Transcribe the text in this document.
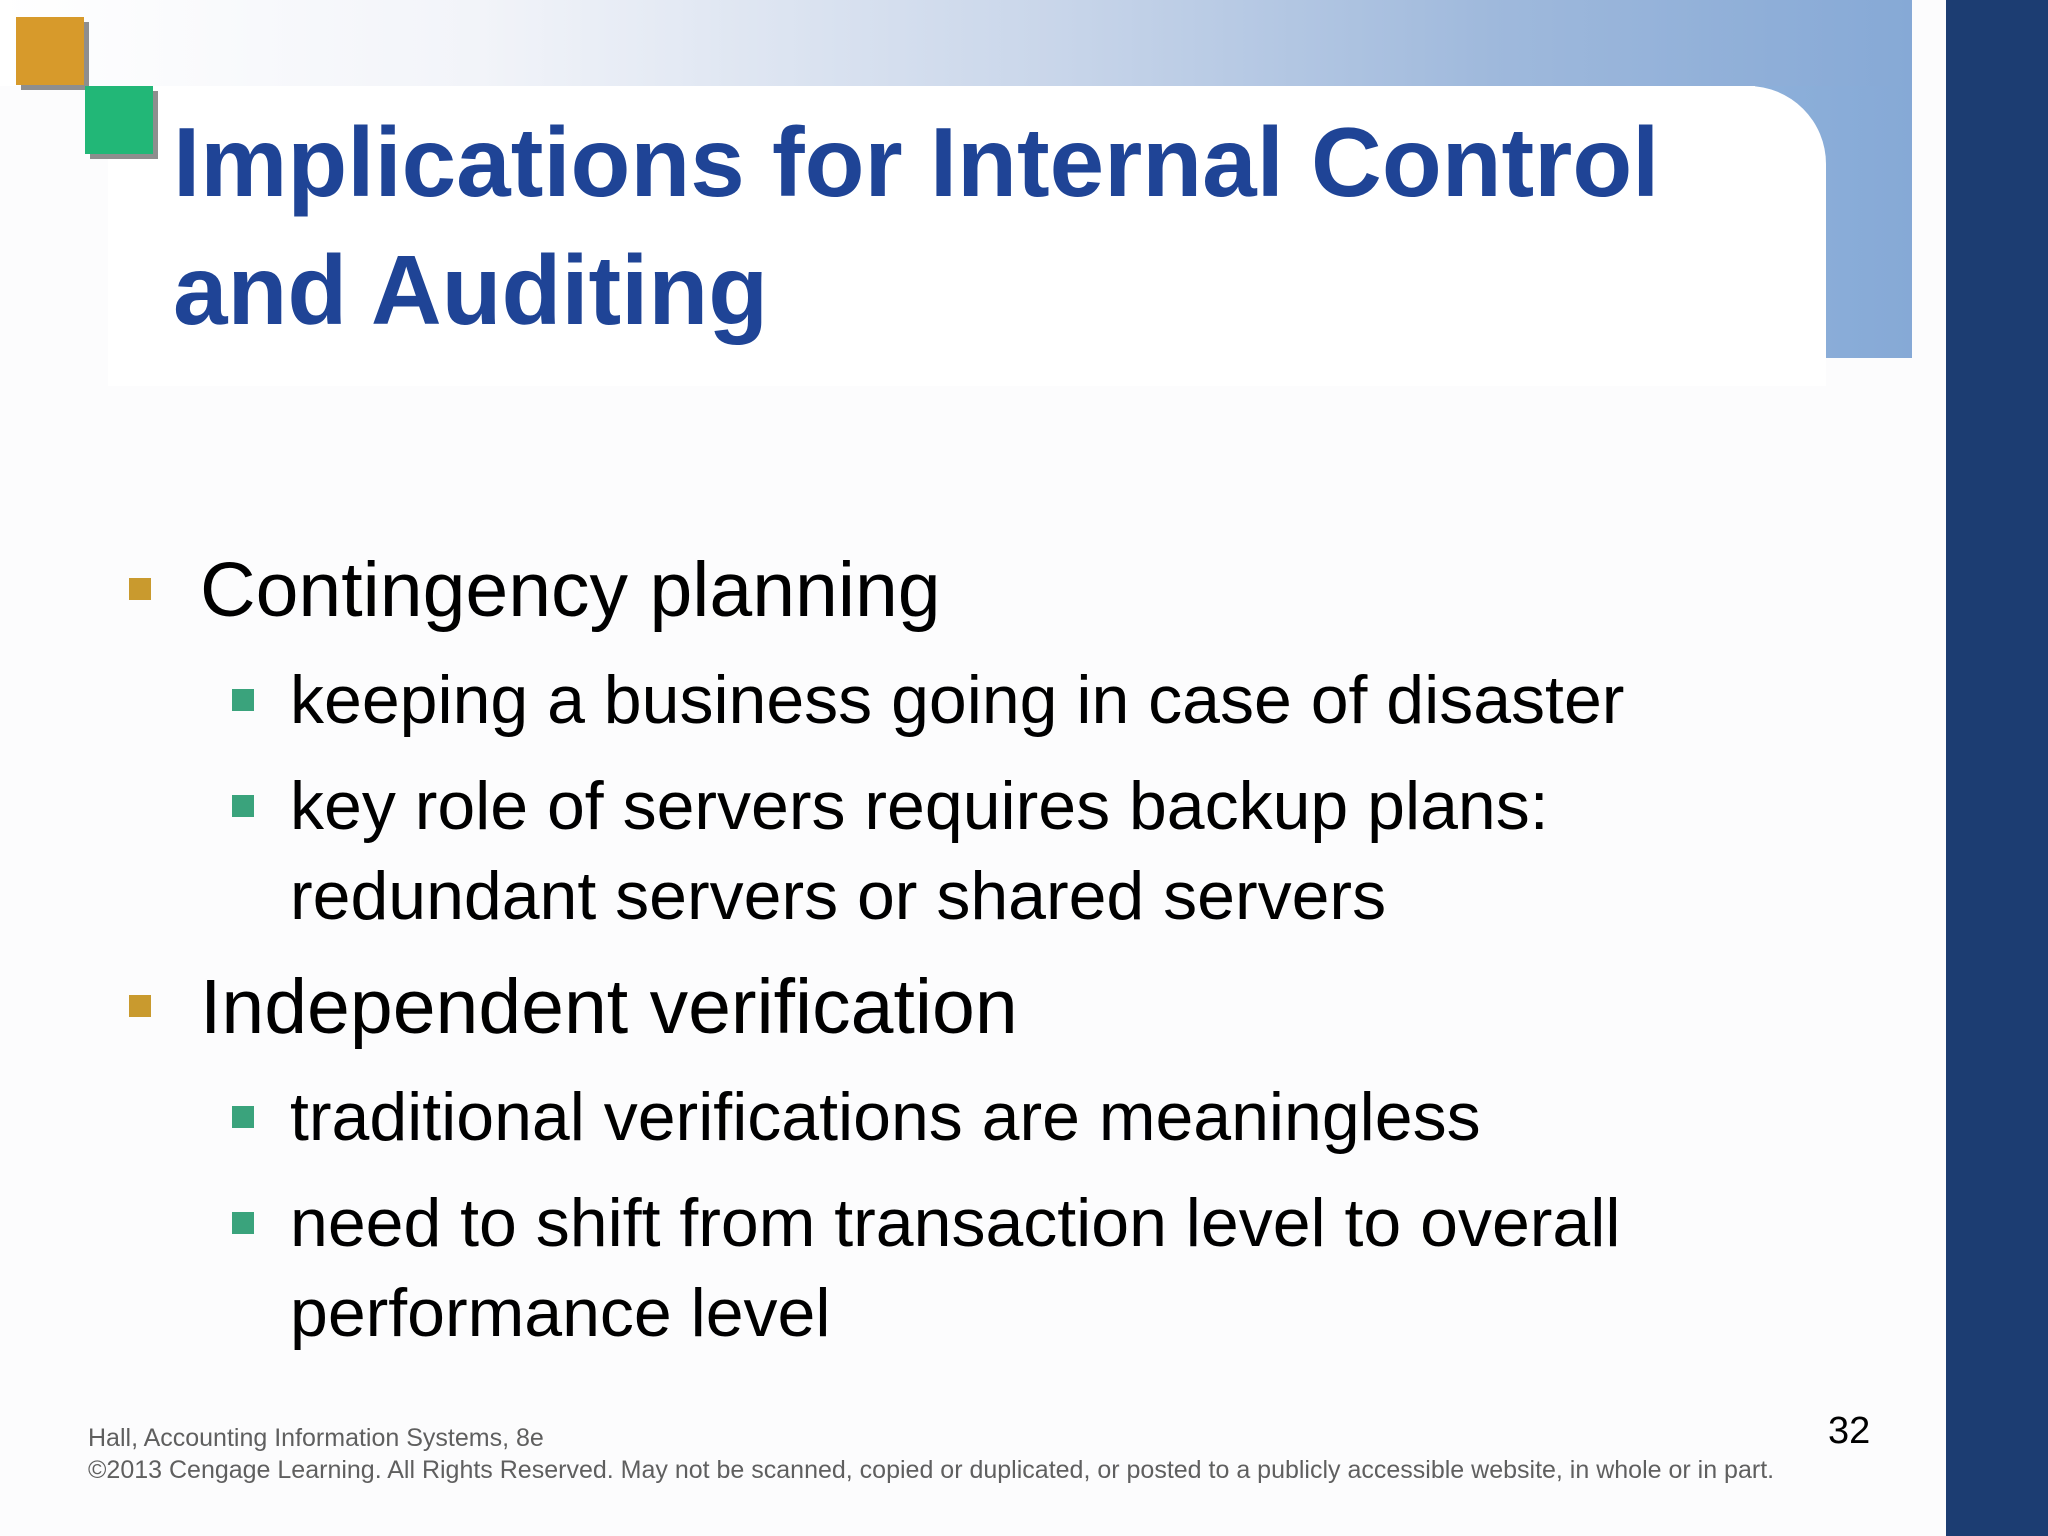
Implications for Internal Control and Auditing

Contingency planning

keeping a business going in case of disaster

key role of servers requires backup plans: redundant servers or shared servers

Independent verification

traditional verifications are meaningless

need to shift from transaction level to overall performance level

Hall, Accounting Information Systems, 8e

©2013 Cengage Learning. All Rights Reserved. May not be scanned, copied or duplicated, or posted to a publicly accessible website, in whole or in part.

32
